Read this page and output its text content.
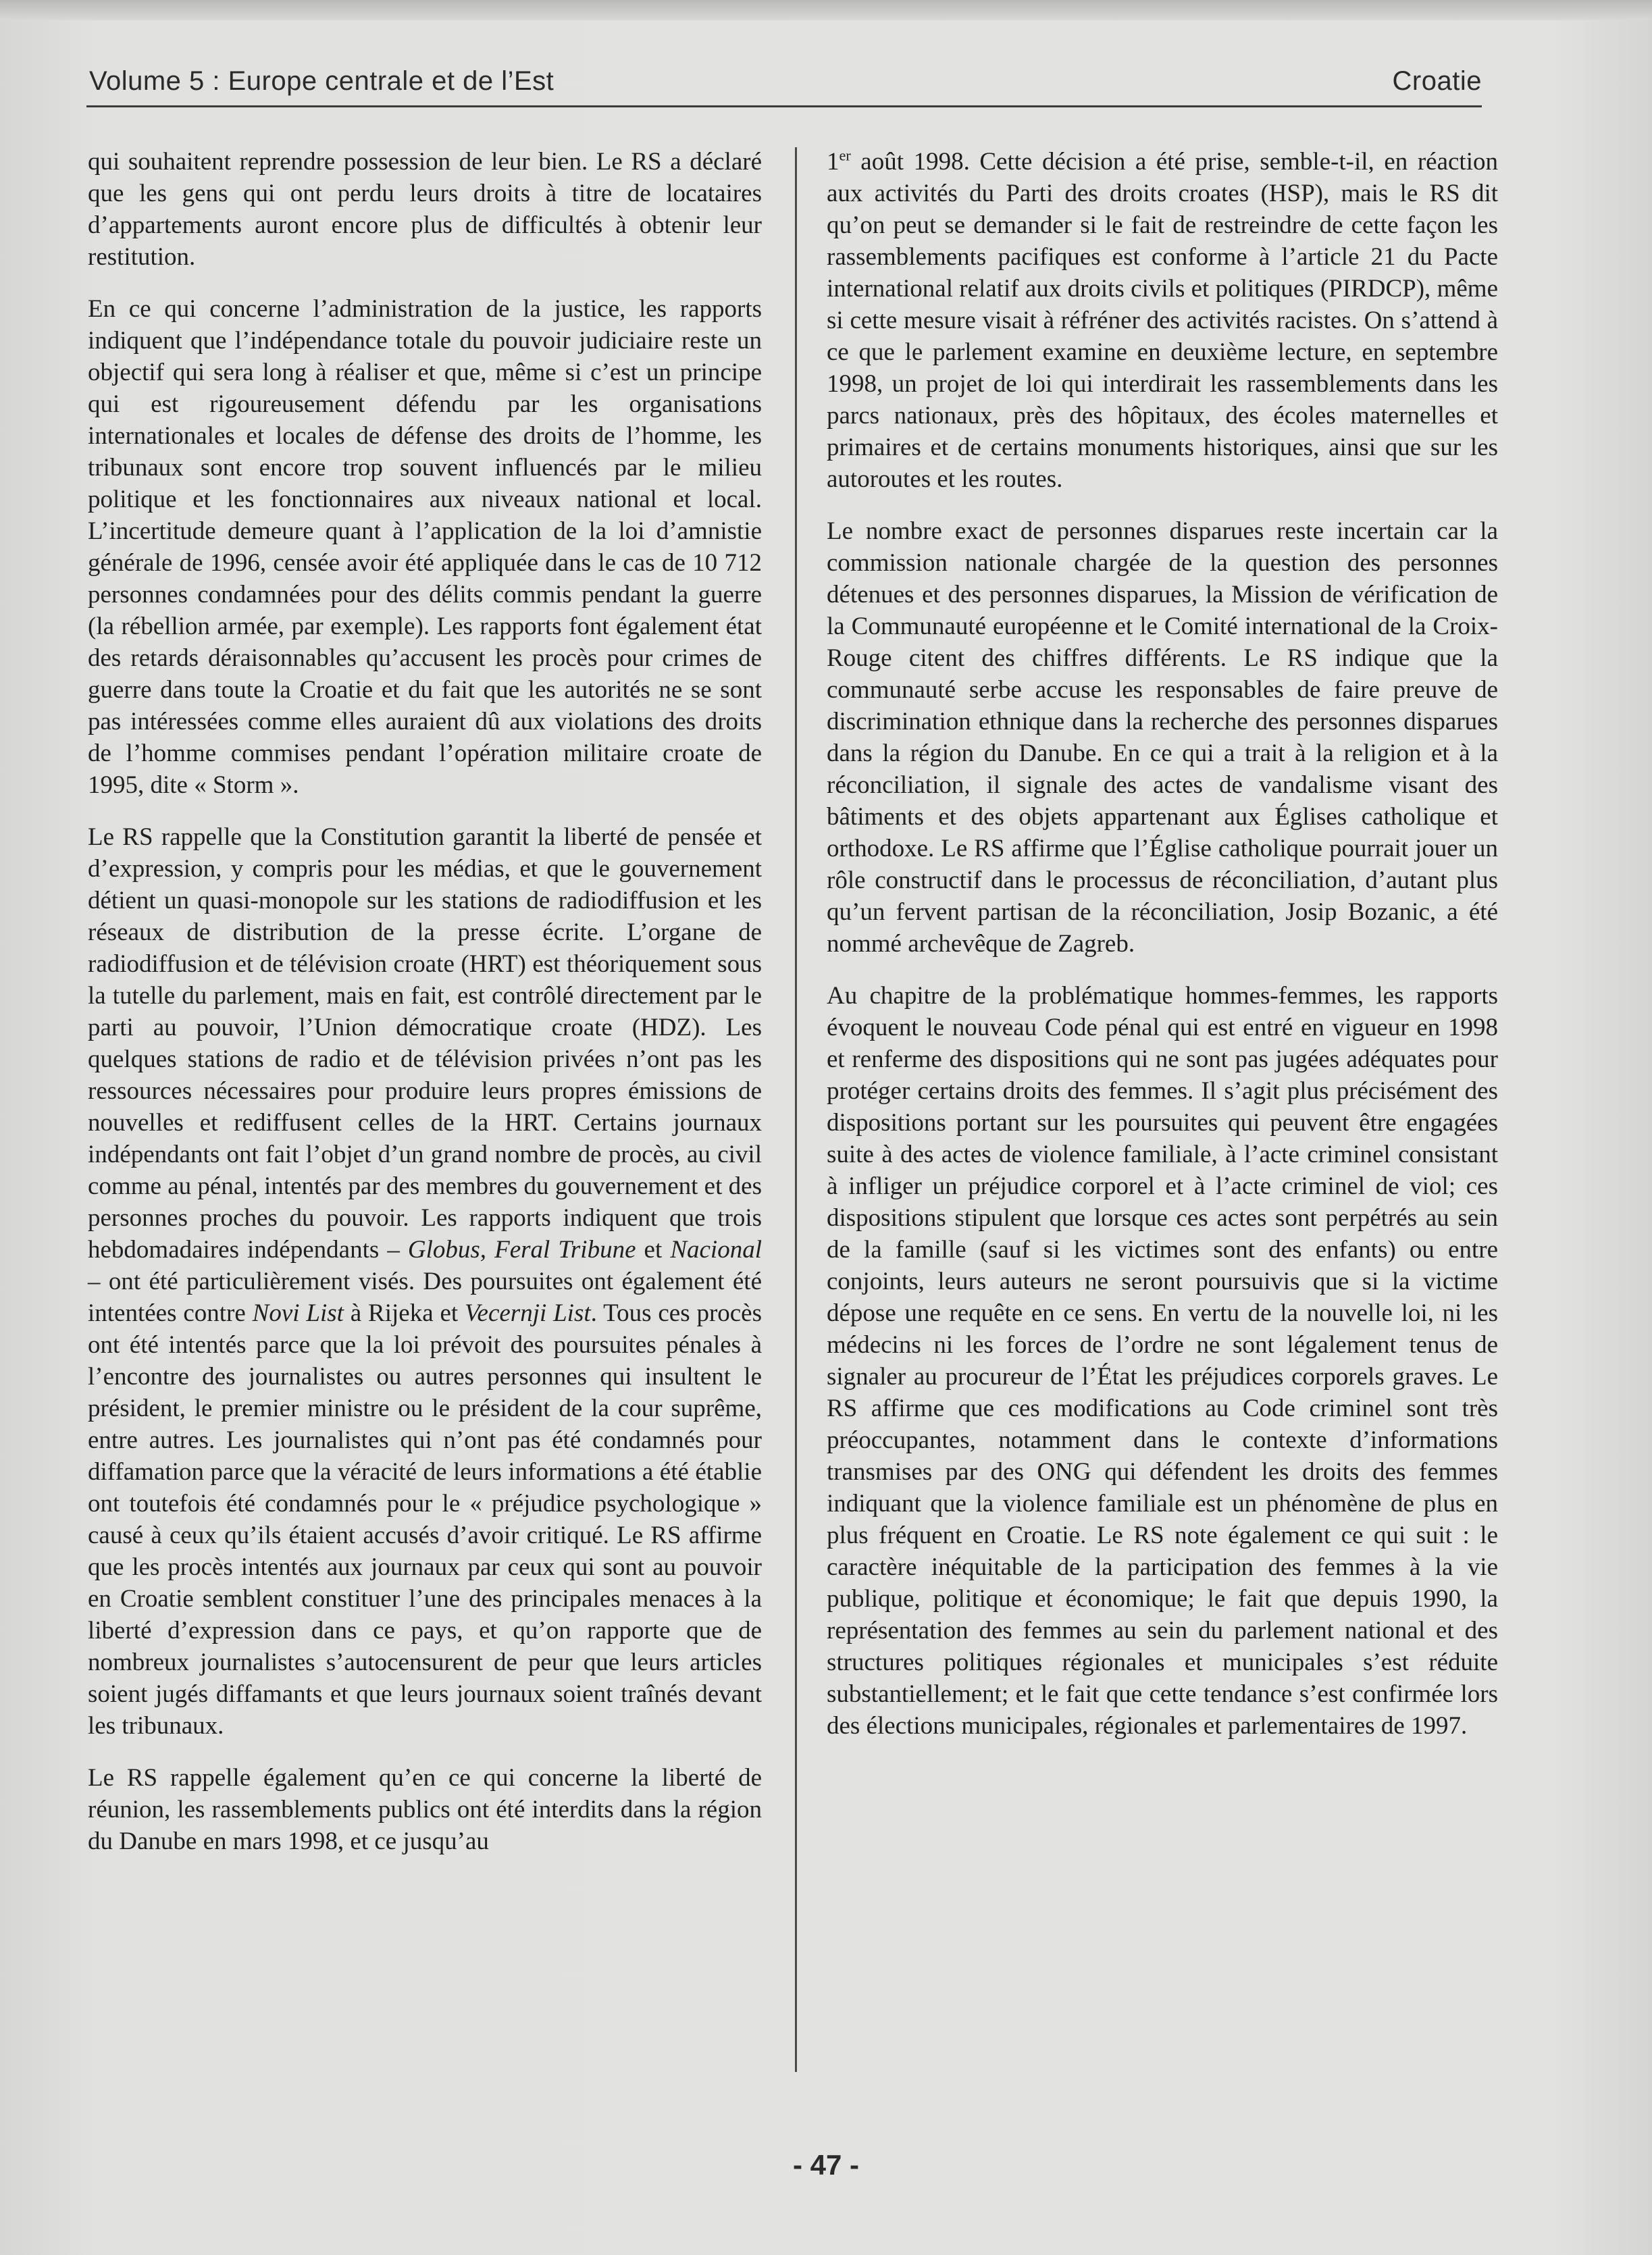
Volume 5 : Europe centrale et de l’Est	Croatie

qui souhaitent reprendre possession de leur bien. Le RS a déclaré que les gens qui ont perdu leurs droits à titre de locataires d’appartements auront encore plus de difficultés à obtenir leur restitution.

En ce qui concerne l’administration de la justice, les rapports indiquent que l’indépendance totale du pouvoir judiciaire reste un objectif qui sera long à réaliser et que, même si c’est un principe qui est rigoureusement défendu par les organisations internationales et locales de défense des droits de l’homme, les tribunaux sont encore trop souvent influencés par le milieu politique et les fonctionnaires aux niveaux national et local. L’incertitude demeure quant à l’application de la loi d’amnistie générale de 1996, censée avoir été appliquée dans le cas de 10 712 personnes condamnées pour des délits commis pendant la guerre (la rébellion armée, par exemple). Les rapports font également état des retards déraisonnables qu’accusent les procès pour crimes de guerre dans toute la Croatie et du fait que les autorités ne se sont pas intéressées comme elles auraient dû aux violations des droits de l’homme commises pendant l’opération militaire croate de 1995, dite « Storm ».

Le RS rappelle que la Constitution garantit la liberté de pensée et d’expression, y compris pour les médias, et que le gouvernement détient un quasi-monopole sur les stations de radiodiffusion et les réseaux de distribution de la presse écrite. L’organe de radiodiffusion et de télévision croate (HRT) est théoriquement sous la tutelle du parlement, mais en fait, est contrôlé directement par le parti au pouvoir, l’Union démocratique croate (HDZ). Les quelques stations de radio et de télévision privées n’ont pas les ressources nécessaires pour produire leurs propres émissions de nouvelles et rediffusent celles de la HRT. Certains journaux indépendants ont fait l’objet d’un grand nombre de procès, au civil comme au pénal, intentés par des membres du gouvernement et des personnes proches du pouvoir. Les rapports indiquent que trois hebdomadaires indépendants – Globus, Feral Tribune et Nacional – ont été particulièrement visés. Des poursuites ont également été intentées contre Novi List à Rijeka et Vecernji List. Tous ces procès ont été intentés parce que la loi prévoit des poursuites pénales à l’encontre des journalistes ou autres personnes qui insultent le président, le premier ministre ou le président de la cour suprême, entre autres. Les journalistes qui n’ont pas été condamnés pour diffamation parce que la véracité de leurs informations a été établie ont toutefois été condamnés pour le « préjudice psychologique » causé à ceux qu’ils étaient accusés d’avoir critiqué. Le RS affirme que les procès intentés aux journaux par ceux qui sont au pouvoir en Croatie semblent constituer l’une des principales menaces à la liberté d’expression dans ce pays, et qu’on rapporte que de nombreux journalistes s’autocensurent de peur que leurs articles soient jugés diffamants et que leurs journaux soient traînés devant les tribunaux.

Le RS rappelle également qu’en ce qui concerne la liberté de réunion, les rassemblements publics ont été interdits dans la région du Danube en mars 1998, et ce jusqu’au

1er août 1998. Cette décision a été prise, semble-t-il, en réaction aux activités du Parti des droits croates (HSP), mais le RS dit qu’on peut se demander si le fait de restreindre de cette façon les rassemblements pacifiques est conforme à l’article 21 du Pacte international relatif aux droits civils et politiques (PIRDCP), même si cette mesure visait à réfréner des activités racistes. On s’attend à ce que le parlement examine en deuxième lecture, en septembre 1998, un projet de loi qui interdirait les rassemblements dans les parcs nationaux, près des hôpitaux, des écoles maternelles et primaires et de certains monuments historiques, ainsi que sur les autoroutes et les routes.

Le nombre exact de personnes disparues reste incertain car la commission nationale chargée de la question des personnes détenues et des personnes disparues, la Mission de vérification de la Communauté européenne et le Comité international de la Croix-Rouge citent des chiffres différents. Le RS indique que la communauté serbe accuse les responsables de faire preuve de discrimination ethnique dans la recherche des personnes disparues dans la région du Danube. En ce qui a trait à la religion et à la réconciliation, il signale des actes de vandalisme visant des bâtiments et des objets appartenant aux Églises catholique et orthodoxe. Le RS affirme que l’Église catholique pourrait jouer un rôle constructif dans le processus de réconciliation, d’autant plus qu’un fervent partisan de la réconciliation, Josip Bozanic, a été nommé archevêque de Zagreb.

Au chapitre de la problématique hommes-femmes, les rapports évoquent le nouveau Code pénal qui est entré en vigueur en 1998 et renferme des dispositions qui ne sont pas jugées adéquates pour protéger certains droits des femmes. Il s’agit plus précisément des dispositions portant sur les poursuites qui peuvent être engagées suite à des actes de violence familiale, à l’acte criminel consistant à infliger un préjudice corporel et à l’acte criminel de viol; ces dispositions stipulent que lorsque ces actes sont perpétrés au sein de la famille (sauf si les victimes sont des enfants) ou entre conjoints, leurs auteurs ne seront poursuivis que si la victime dépose une requête en ce sens. En vertu de la nouvelle loi, ni les médecins ni les forces de l’ordre ne sont légalement tenus de signaler au procureur de l’État les préjudices corporels graves. Le RS affirme que ces modifications au Code criminel sont très préoccupantes, notamment dans le contexte d’informations transmises par des ONG qui défendent les droits des femmes indiquant que la violence familiale est un phénomène de plus en plus fréquent en Croatie. Le RS note également ce qui suit : le caractère inéquitable de la participation des femmes à la vie publique, politique et économique; le fait que depuis 1990, la représentation des femmes au sein du parlement national et des structures politiques régionales et municipales s’est réduite substantiellement; et le fait que cette tendance s’est confirmée lors des élections municipales, régionales et parlementaires de 1997.

- 47 -
